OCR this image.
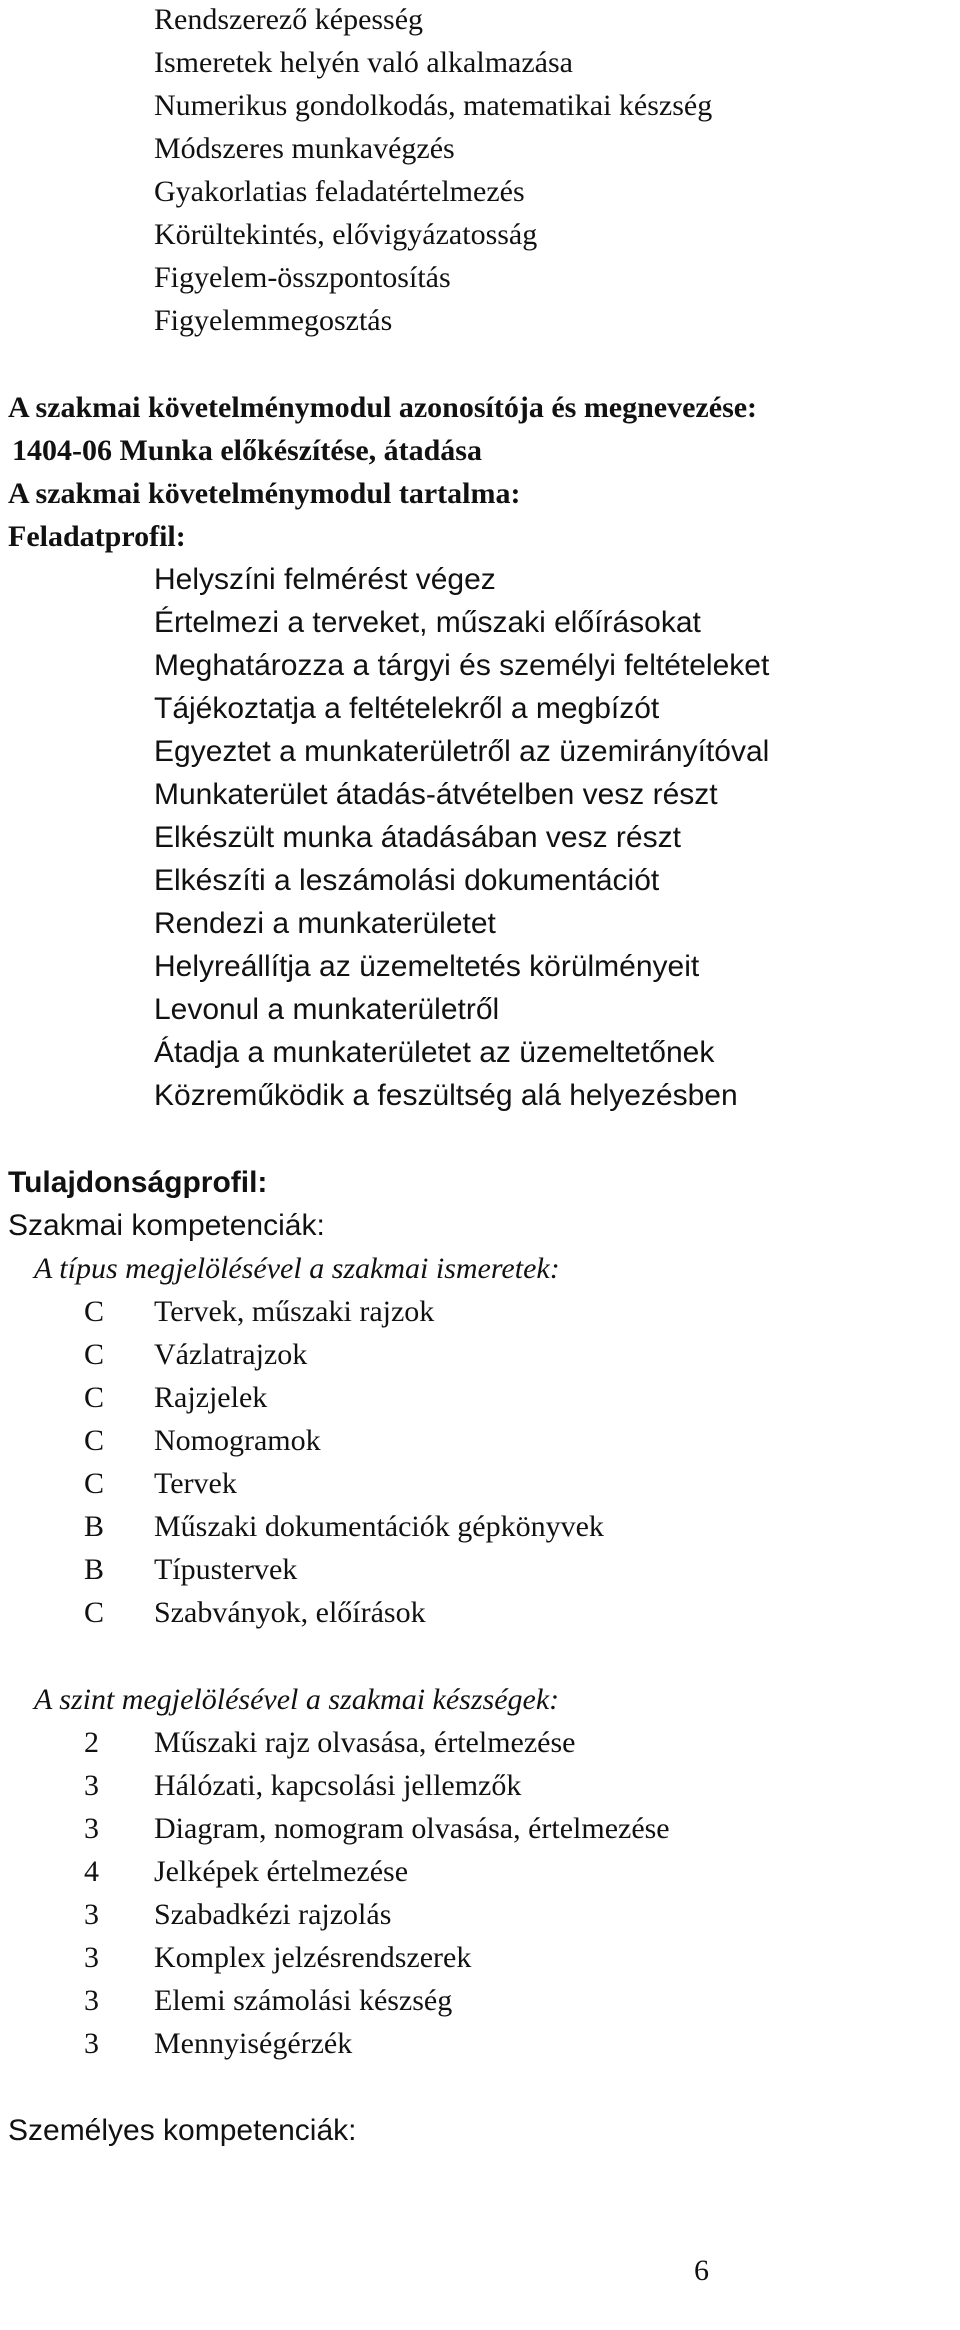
Rendszerező képesség
Ismeretek helyén való alkalmazása
Numerikus gondolkodás, matematikai készség
Módszeres munkavégzés
Gyakorlatias feladatértelmezés
Körültekintés, elővigyázatosság
Figyelem-összpontosítás
Figyelemmegosztás
A szakmai követelménymodul azonosítója és megnevezése:
1404-06 Munka előkészítése, átadása
A szakmai követelménymodul tartalma:
Feladatprofil:
Helyszíni felmérést végez
Értelmezi a terveket, műszaki előírásokat
Meghatározza a tárgyi és személyi feltételeket
Tájékoztatja a feltételekről a megbízót
Egyeztet a munkaterületről az üzemirányítóval
Munkaterület átadás-átvételben vesz részt
Elkészült munka átadásában vesz részt
Elkészíti a leszámolási dokumentációt
Rendezi a munkaterületet
Helyreállítja az üzemeltetés körülményeit
Levonul a munkaterületről
Átadja a munkaterületet az üzemeltetőnek
Közreműködik a feszültség alá helyezésben
Tulajdonságprofil:
Szakmai kompetenciák:
A típus megjelölésével a szakmai ismeretek:
C Tervek, műszaki rajzok
C Vázlatrajzok
C Rajzjelek
C Nomogramok
C Tervek
B Műszaki dokumentációk gépkönyvek
B Típustervek
C Szabványok, előírások
A szint megjelölésével a szakmai készségek:
2 Műszaki rajz olvasása, értelmezése
3 Hálózati, kapcsolási jellemzők
3 Diagram, nomogram olvasása, értelmezése
4 Jelképek értelmezése
3 Szabadkézi rajzolás
3 Komplex jelzésrendszerek
3 Elemi számolási készség
3 Mennyiségérzék
Személyes kompetenciák:
6
